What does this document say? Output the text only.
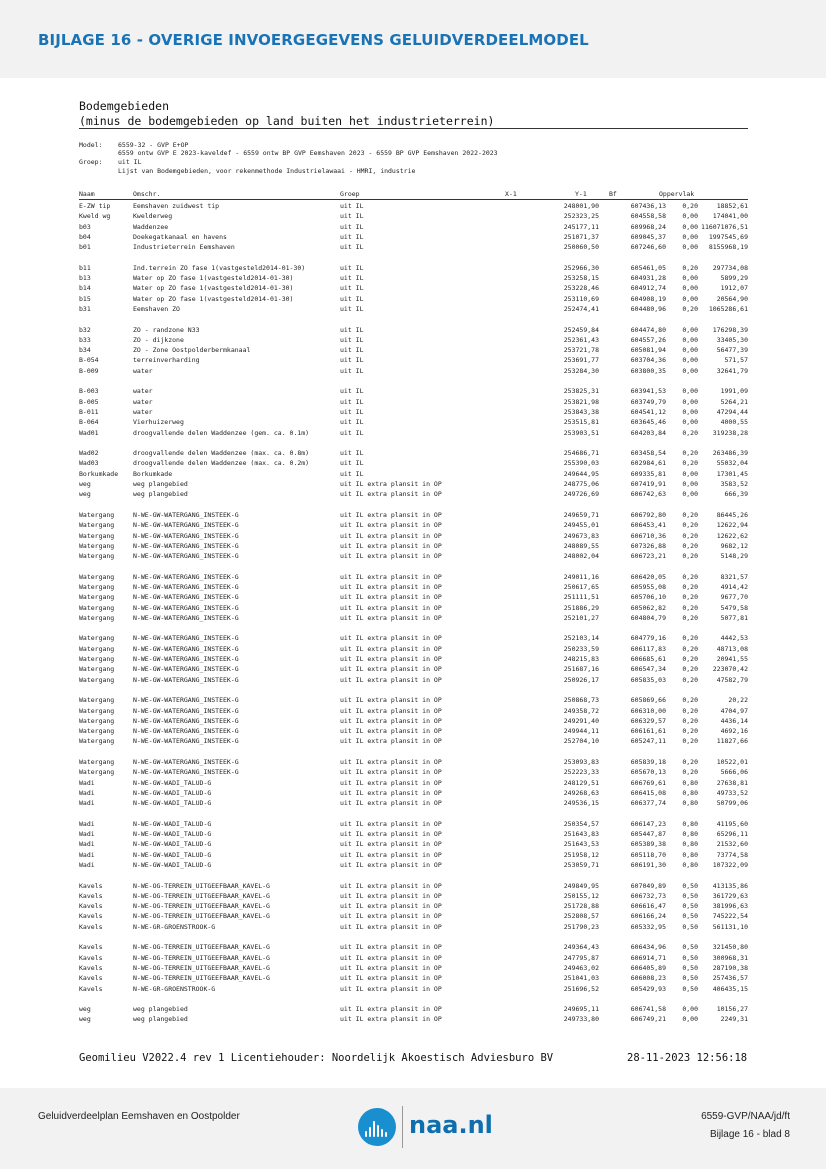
BIJLAGE 16 - OVERIGE INVOERGEGEVENS GELUIDVERDEELMODEL
Bodemgebieden
(minus de bodemgebieden op land buiten het industrieterrein)
Model: 6559-32 - GVP E+OP
6559 ontw GVP E 2023-kaveldef - 6559 ontw BP GVP Eemshaven 2023 - 6559 BP GVP Eemshaven 2022-2023
Groep: uit IL
Lijst van Bodemgebieden, voor rekenmethode Industrielawaai - HMRI, industrie
Naam	Omschr.	Groep	X-1	Y-1	Bf	Oppervlak
E-ZW tip	Eemshaven zuidwest tip	uit IL	248001,90	607436,13	0,20	18852,61
Kweld wg	Kwelderweg	uit IL	252323,25	604558,58	0,00	174041,00
b03	Waddenzee	uit IL	245177,11	609968,24	0,00	116071076,51
b04	Doekegatkanaal en havens	uit IL	251071,37	609045,37	0,00	1997545,69
b01	Industrieterrein Eemshaven	uit IL	250060,50	607246,60	0,00	8155968,19

b11	Ind.terrein ZO fase 1(vastgesteld2014-01-30)	uit IL	252966,30	605461,05	0,20	297734,08
b13	Water op ZO fase 1(vastgesteld2014-01-30)	uit IL	253258,15	604931,28	0,00	5899,29
b14	Water op ZO fase 1(vastgesteld2014-01-30)	uit IL	253228,46	604912,74	0,00	1912,07
b15	Water op ZO fase 1(vastgesteld2014-01-30)	uit IL	253110,69	604908,19	0,00	20564,90
b31	Eemshaven ZO	uit IL	252474,41	604480,96	0,20	1065286,61

b32	ZO - randzone N33	uit IL	252459,84	604474,80	0,00	176298,39
b33	ZO - dijkzone	uit IL	252361,43	604557,26	0,00	33405,30
b34	ZO - Zone Oostpolderbermkanaal	uit IL	253721,78	605081,94	0,00	56477,39
B-054	terreinverharding	uit IL	253691,77	603704,36	0,00	571,57
B-009	water	uit IL	253284,30	603800,35	0,00	32641,79

B-003	water	uit IL	253825,31	603941,53	0,00	1991,09
B-005	water	uit IL	253821,98	603749,79	0,00	5264,21
B-011	water	uit IL	253843,38	604541,12	0,00	47294,44
B-064	Vierhuizerweg	uit IL	253515,81	603645,46	0,00	4000,55
Wad01	droogvallende delen Waddenzee (gem. ca. 0.1m)	uit IL	253903,51	604203,84	0,20	319238,28

Wad02	droogvallende delen Waddenzee (max. ca. 0.8m)	uit IL	254686,71	603458,54	0,20	263486,39
Wad03	droogvallende delen Waddenzee (max. ca. 0.2m)	uit IL	255390,03	602984,61	0,20	55032,04
Borkumkade	Borkumkade	uit IL	249644,95	609335,81	0,00	17301,45
weg	weg plangebied	uit IL extra plansit in OP	248775,06	607419,91	0,00	3583,52
weg	weg plangebied	uit IL extra plansit in OP	249726,69	606742,63	0,00	666,39

Watergang	N-WE-GW-WATERGANG_INSTEEK-G	uit IL extra plansit in OP	249659,71	606792,80	0,20	86445,26
Watergang	N-WE-GW-WATERGANG_INSTEEK-G	uit IL extra plansit in OP	249455,01	606453,41	0,20	12622,94
Watergang	N-WE-GW-WATERGANG_INSTEEK-G	uit IL extra plansit in OP	249673,83	606710,36	0,20	12622,62
Watergang	N-WE-GW-WATERGANG_INSTEEK-G	uit IL extra plansit in OP	248089,55	607326,88	0,20	9682,12
Watergang	N-WE-GW-WATERGANG_INSTEEK-G	uit IL extra plansit in OP	248002,04	606723,21	0,20	5148,29

Watergang	N-WE-GW-WATERGANG_INSTEEK-G	uit IL extra plansit in OP	249011,16	606420,05	0,20	8321,57
Watergang	N-WE-GW-WATERGANG_INSTEEK-G	uit IL extra plansit in OP	250617,65	605955,08	0,20	4914,42
Watergang	N-WE-GW-WATERGANG_INSTEEK-G	uit IL extra plansit in OP	251111,51	605706,10	0,20	9677,70
Watergang	N-WE-GW-WATERGANG_INSTEEK-G	uit IL extra plansit in OP	251886,29	605062,82	0,20	5479,58
Watergang	N-WE-GW-WATERGANG_INSTEEK-G	uit IL extra plansit in OP	252101,27	604804,79	0,20	5077,81

Watergang	N-WE-GW-WATERGANG_INSTEEK-G	uit IL extra plansit in OP	252103,14	604779,16	0,20	4442,53
Watergang	N-WE-GW-WATERGANG_INSTEEK-G	uit IL extra plansit in OP	250233,59	606117,83	0,20	48713,08
Watergang	N-WE-GW-WATERGANG_INSTEEK-G	uit IL extra plansit in OP	248215,83	606685,61	0,20	20941,55
Watergang	N-WE-GW-WATERGANG_INSTEEK-G	uit IL extra plansit in OP	251687,16	606547,34	0,20	223070,42
Watergang	N-WE-GW-WATERGANG_INSTEEK-G	uit IL extra plansit in OP	250926,17	605835,03	0,20	47582,79

Watergang	N-WE-GW-WATERGANG_INSTEEK-G	uit IL extra plansit in OP	250868,73	605869,66	0,20	20,22
Watergang	N-WE-GW-WATERGANG_INSTEEK-G	uit IL extra plansit in OP	249358,72	606310,00	0,20	4704,97
Watergang	N-WE-GW-WATERGANG_INSTEEK-G	uit IL extra plansit in OP	249291,40	606329,57	0,20	4436,14
Watergang	N-WE-GW-WATERGANG_INSTEEK-G	uit IL extra plansit in OP	249944,11	606161,61	0,20	4692,16
Watergang	N-WE-GW-WATERGANG_INSTEEK-G	uit IL extra plansit in OP	252704,10	605247,11	0,20	11827,66

Watergang	N-WE-GW-WATERGANG_INSTEEK-G	uit IL extra plansit in OP	253093,83	605839,18	0,20	10522,01
Watergang	N-WE-GW-WATERGANG_INSTEEK-G	uit IL extra plansit in OP	252223,33	605670,13	0,20	5666,06
Wadi	N-WE-GW-WADI_TALUD-G	uit IL extra plansit in OP	248129,51	606769,61	0,80	27638,81
Wadi	N-WE-GW-WADI_TALUD-G	uit IL extra plansit in OP	249268,63	606415,08	0,80	49733,52
Wadi	N-WE-GW-WADI_TALUD-G	uit IL extra plansit in OP	249536,15	606377,74	0,80	50799,06

Wadi	N-WE-GW-WADI_TALUD-G	uit IL extra plansit in OP	250354,57	606147,23	0,80	41195,60
Wadi	N-WE-GW-WADI_TALUD-G	uit IL extra plansit in OP	251643,83	605447,87	0,80	65296,11
Wadi	N-WE-GW-WADI_TALUD-G	uit IL extra plansit in OP	251643,53	605389,38	0,80	21532,60
Wadi	N-WE-GW-WADI_TALUD-G	uit IL extra plansit in OP	251958,12	605118,70	0,80	73774,58
Wadi	N-WE-GW-WADI_TALUD-G	uit IL extra plansit in OP	253059,71	606191,30	0,80	107322,09

Kavels	N-WE-OG-TERREIN_UITGEEFBAAR_KAVEL-G	uit IL extra plansit in OP	249849,95	607049,89	0,50	413135,86
Kavels	N-WE-OG-TERREIN_UITGEEFBAAR_KAVEL-G	uit IL extra plansit in OP	250155,12	606732,73	0,50	361729,63
Kavels	N-WE-OG-TERREIN_UITGEEFBAAR_KAVEL-G	uit IL extra plansit in OP	251728,88	606616,47	0,50	381996,63
Kavels	N-WE-OG-TERREIN_UITGEEFBAAR_KAVEL-G	uit IL extra plansit in OP	252808,57	606166,24	0,50	745222,54
Kavels	N-WE-GR-GROENSTROOK-G	uit IL extra plansit in OP	251790,23	605332,95	0,50	561131,10

Kavels	N-WE-OG-TERREIN_UITGEEFBAAR_KAVEL-G	uit IL extra plansit in OP	249364,43	606434,96	0,50	321450,80
Kavels	N-WE-OG-TERREIN_UITGEEFBAAR_KAVEL-G	uit IL extra plansit in OP	247795,87	606914,71	0,50	300968,31
Kavels	N-WE-OG-TERREIN_UITGEEFBAAR_KAVEL-G	uit IL extra plansit in OP	249463,02	606405,89	0,50	287190,38
Kavels	N-WE-OG-TERREIN_UITGEEFBAAR_KAVEL-G	uit IL extra plansit in OP	251041,03	606008,23	0,50	257436,57
Kavels	N-WE-GR-GROENSTROOK-G	uit IL extra plansit in OP	251696,52	605429,93	0,50	406435,15

weg	weg plangebied	uit IL extra plansit in OP	249695,11	606741,58	0,00	10156,27
weg	weg plangebied	uit IL extra plansit in OP	249733,80	606749,21	0,00	2249,31
Geomilieu V2022.4 rev 1 Licentiehouder: Noordelijk Akoestisch Adviesburo BV	28-11-2023 12:56:18
Geluidverdeelplan Eemshaven en Oostpolder	6559-GVP/NAA/jd/ft
Bijlage 16 - blad 8
naa.nl
